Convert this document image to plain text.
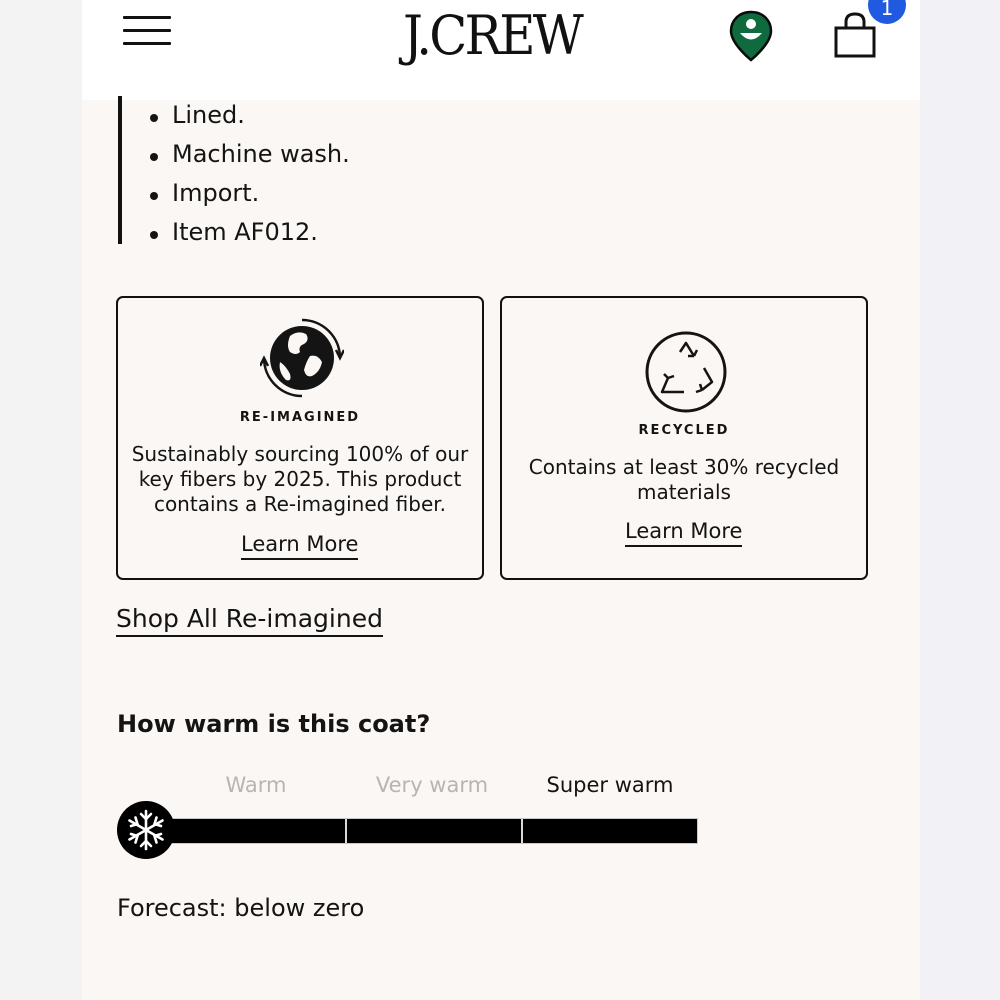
J.CREW	1
Lined.
Machine wash.
Import.
Item AF012.
RE-IMAGINED
Sustainably sourcing 100% of our key fibers by 2025. This product contains a Re-imagined fiber.
Learn More
RECYCLED
Contains at least 30% recycled materials
Learn More
Shop All Re-imagined
How warm is this coat?
Warm	Very warm	Super warm
Forecast: below zero
